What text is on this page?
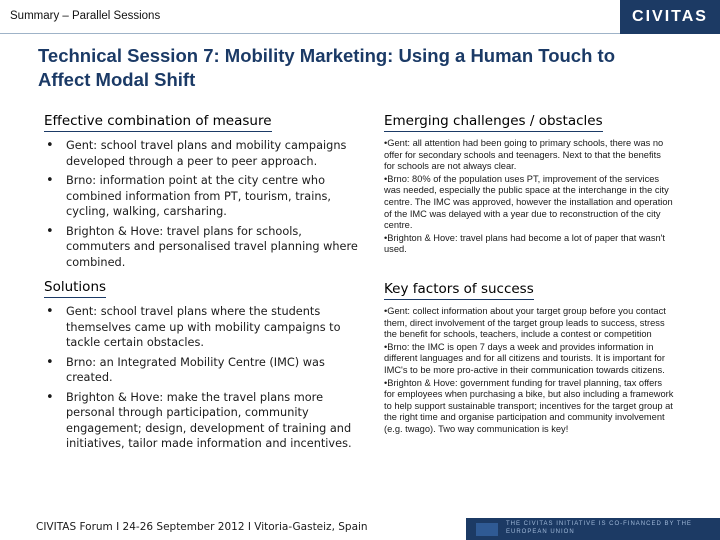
Summary – Parallel Sessions	CIVITAS
Technical Session 7: Mobility Marketing: Using a Human Touch to Affect Modal Shift
Effective combination of measure
• Gent: school travel plans and mobility campaigns developed through a peer to peer approach.
• Brno: information point at the city centre who combined information from PT, tourism, trains, cycling, walking, carsharing.
• Brighton & Hove: travel plans for schools, commuters and personalised travel planning where combined.
Solutions
• Gent: school travel plans where the students themselves came up with mobility campaigns to tackle certain obstacles.
• Brno: an Integrated Mobility Centre (IMC) was created.
• Brighton & Hove: make the travel plans more personal through participation, community engagement; design, development of training and initiatives, tailor made information and incentives.
Emerging challenges / obstacles

•Gent: all attention had been going to primary schools, there was no offer for secondary schools and teenagers. Next to that the benefits for schools are not always clear.

•Brno: 80% of the population uses PT, improvement of the services was needed, especially the public space at the interchange in the city centre. The IMC was approved, however the installation and operation of the IMC was delayed with a year due to reconstruction of the city centre.

•Brighton & Hove: travel plans had become a lot of paper that wasn't used.

Key factors of success

•Gent: collect information about your target group before you contact them, direct involvement of the target group leads to success, stress the benefit for schools, teachers, include a contest or competition

•Brno: the IMC is open 7 days a week and provides information in different languages and for all citizens and tourists. It is important for IMC's to be more pro-active in their communication towards citizens.

•Brighton & Hove: government funding for travel planning, tax offers for employees when purchasing a bike, but also including a framework to help support sustainable transport; incentives for the target group at the right time and organise participation and community involvement (e.g. twago). Two way communication is key!

CIVITAS Forum I 24-26 September 2012 I Vitoria-Gasteiz, Spain	THE CIVITAS INITIATIVE IS CO-FINANCED BY THE EUROPEAN UNION
